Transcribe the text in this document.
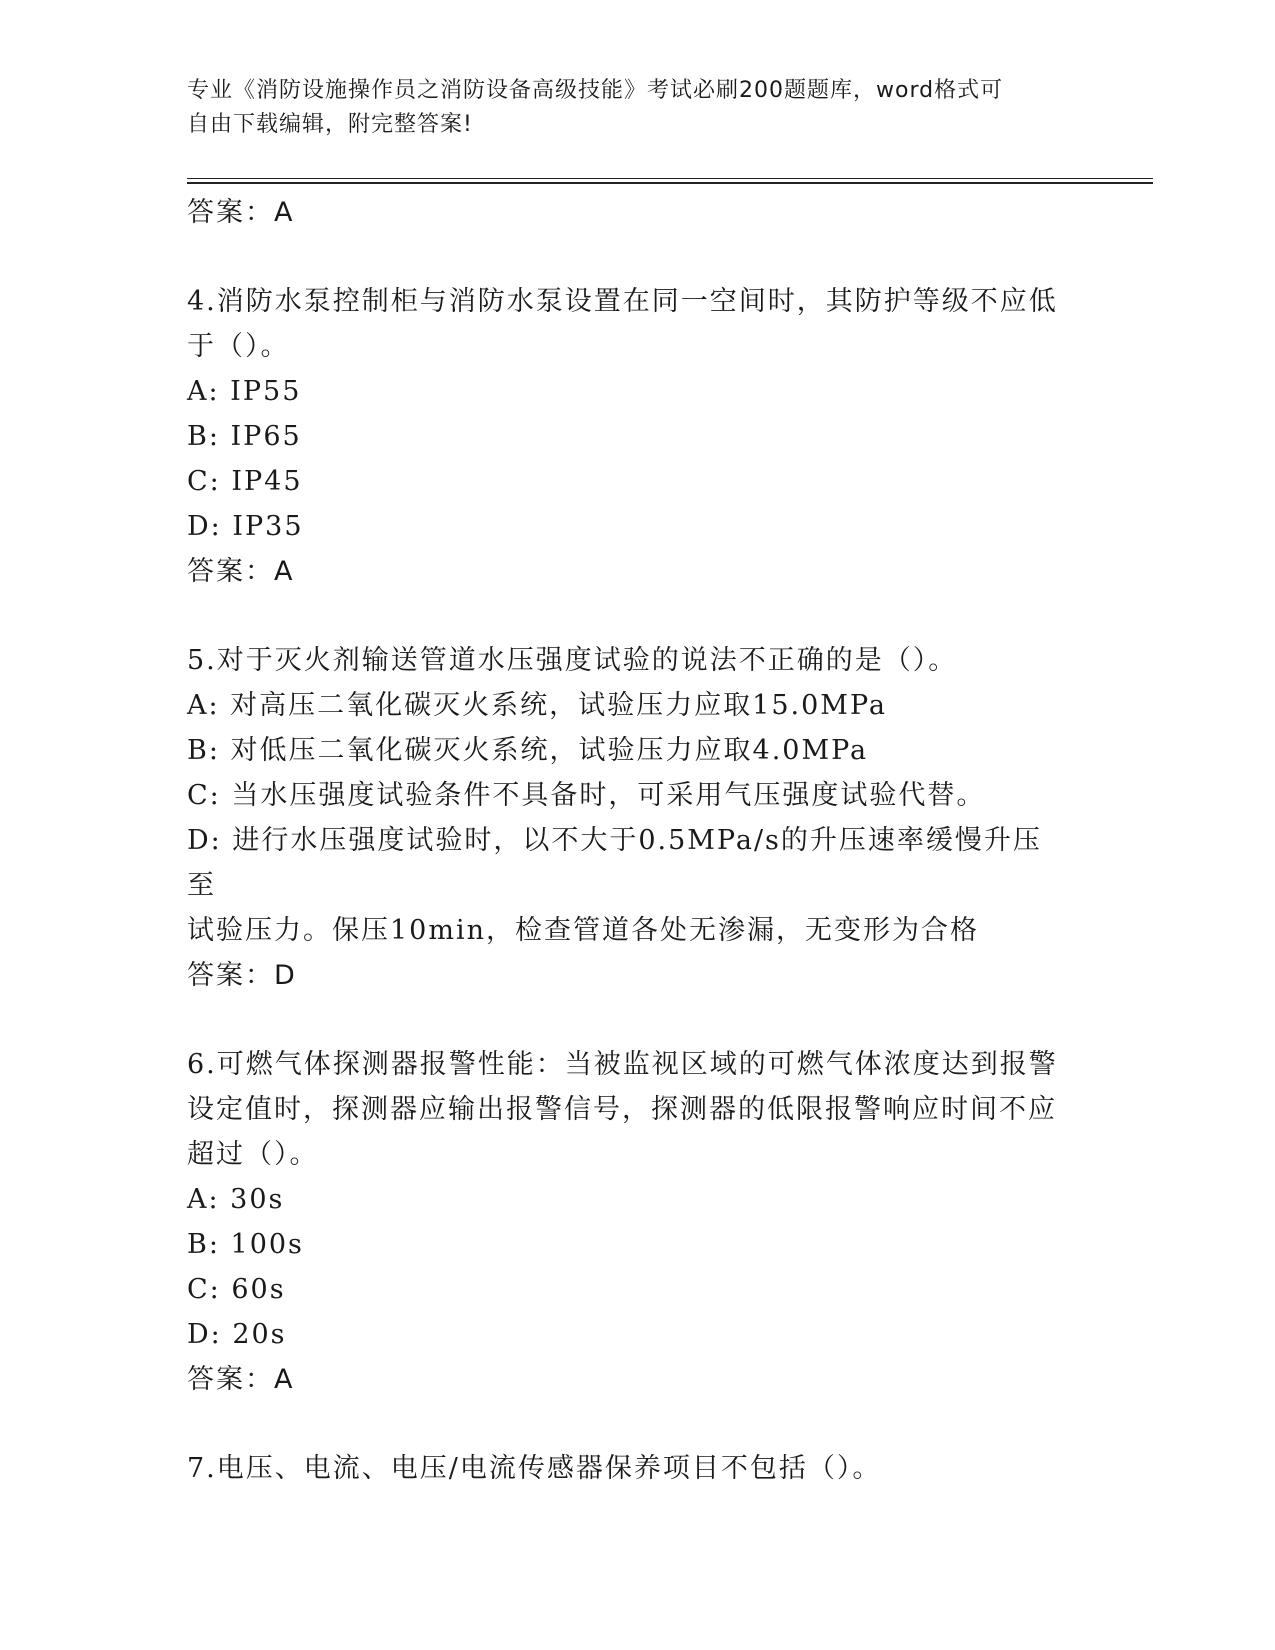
专业《消防设施操作员之消防设备高级技能》考试必刷200题题库，word格式可
自由下载编辑，附完整答案!
答案：A
4.消防水泵控制柜与消防水泵设置在同一空间时，其防护等级不应低
于（）。
A: IP55
B: IP65
C: IP45
D: IP35
答案：A
5.对于灭火剂输送管道水压强度试验的说法不正确的是（）。
A: 对高压二氧化碳灭火系统，试验压力应取15.0MPa
B: 对低压二氧化碳灭火系统，试验压力应取4.0MPa
C: 当水压强度试验条件不具备时，可采用气压强度试验代替。
D: 进行水压强度试验时，以不大于0.5MPa/s的升压速率缓慢升压至
试验压力。保压10min，检查管道各处无渗漏，无变形为合格
答案：D
6.可燃气体探测器报警性能：当被监视区域的可燃气体浓度达到报警
设定值时，探测器应输出报警信号，探测器的低限报警响应时间不应
超过（）。
A: 30s
B: 100s
C: 60s
D: 20s
答案：A
7.电压、电流、电压/电流传感器保养项目不包括（）。
